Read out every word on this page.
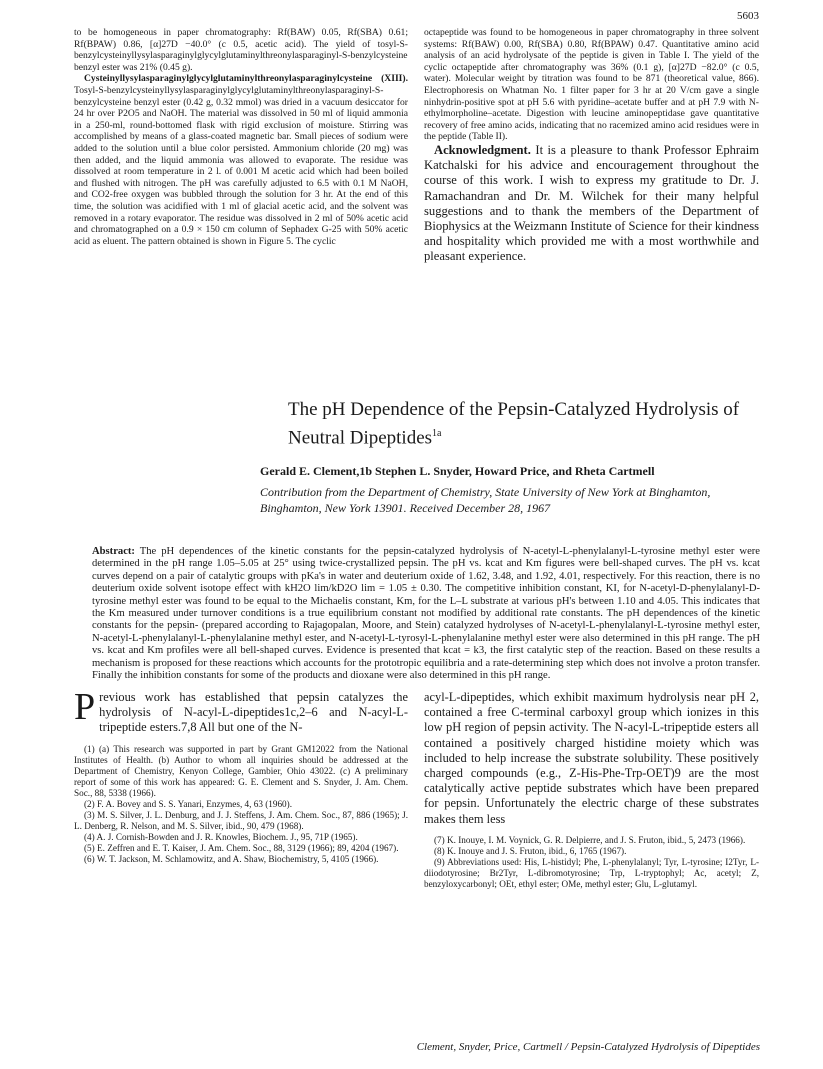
5603

to be homogeneous in paper chromatography: Rf(BAW) 0.05, Rf(SBA) 0.61; Rf(BPAW) 0.86, [α]27D −40.0° (c 0.5, acetic acid). The yield of tosyl-S-benzylcysteinyllysylasparaginylglycylglutaminylthreonylasparaginyl-S-benzylcysteine benzyl ester was 21% (0.45 g).

Cysteinyllysylasparaginylglycylglutaminylthreonylasparaginylcysteine (XIII). Tosyl-S-benzylcysteinyllysylasparaginylglycylglutaminylthreonylasparaginyl-S-benzylcysteine benzyl ester (0.42 g, 0.32 mmol) was dried in a vacuum desiccator for 24 hr over P2O5 and NaOH. The material was dissolved in 50 ml of liquid ammonia in a 250-ml, round-bottomed flask with rigid exclusion of moisture. Stirring was accomplished by means of a glass-coated magnetic bar. Small pieces of sodium were added to the solution until a blue color persisted. Ammonium chloride (20 mg) was then added, and the liquid ammonia was allowed to evaporate. The residue was dissolved at room temperature in 2 l. of 0.001 M acetic acid which had been boiled and flushed with nitrogen. The pH was carefully adjusted to 6.5 with 0.1 M NaOH, and CO2-free oxygen was bubbled through the solution for 3 hr. At the end of this time, the solution was acidified with 1 ml of glacial acetic acid, and the solvent was removed in a rotary evaporator. The residue was dissolved in 2 ml of 50% acetic acid and chromatographed on a 0.9 × 150 cm column of Sephadex G-25 with 50% acetic acid as eluent. The pattern obtained is shown in Figure 5. The cyclic

octapeptide was found to be homogeneous in paper chromatography in three solvent systems: Rf(BAW) 0.00, Rf(SBA) 0.80, Rf(BPAW) 0.47. Quantitative amino acid analysis of an acid hydrolysate of the peptide is given in Table I. The yield of the cyclic octapeptide after chromatography was 36% (0.1 g), [α]27D −82.0° (c 0.5, water). Molecular weight by titration was found to be 871 (theoretical value, 866). Electrophoresis on Whatman No. 1 filter paper for 3 hr at 20 V/cm gave a single ninhydrin-positive spot at pH 5.6 with pyridine–acetate buffer and at pH 7.9 with N-ethylmorpholine–acetate. Digestion with leucine aminopeptidase gave quantitative recovery of free amino acids, indicating that no racemized amino acid residues were in the peptide (Table II).

Acknowledgment. It is a pleasure to thank Professor Ephraim Katchalski for his advice and encouragement throughout the course of this work. I wish to express my gratitude to Dr. J. Ramachandran and Dr. M. Wilchek for their many helpful suggestions and to thank the members of the Department of Biophysics at the Weizmann Institute of Science for their kindness and hospitality which provided me with a most worthwhile and pleasant experience.

The pH Dependence of the Pepsin-Catalyzed Hydrolysis of Neutral Dipeptides$^{1a}$
Gerald E. Clement,1b Stephen L. Snyder, Howard Price, and Rheta Cartmell
Contribution from the Department of Chemistry, State University of New York at Binghamton, Binghamton, New York 13901. Received December 28, 1967
Abstract: The pH dependences of the kinetic constants for the pepsin-catalyzed hydrolysis of N-acetyl-L-phenylalanyl-L-tyrosine methyl ester were determined in the pH range 1.05–5.05 at 25° using twice-crystallized pepsin. The pH vs. kcat and Km figures were bell-shaped curves. The pH vs. kcat curves depend on a pair of catalytic groups with pKa's in water and deuterium oxide of 1.62, 3.48, and 1.92, 4.01, respectively. For this reaction, there is no deuterium oxide solvent isotope effect with kH2O lim/kD2O lim = 1.05 ± 0.30. The competitive inhibition constant, KI, for N-acetyl-D-phenylalanyl-D-tyrosine methyl ester was found to be equal to the Michaelis constant, Km, for the L–L substrate at various pH's between 1.10 and 4.05. This indicates that the Km measured under turnover conditions is a true equilibrium constant not modified by additional rate constants. The pH dependences of the kinetic constants for the pepsin- (prepared according to Rajagopalan, Moore, and Stein) catalyzed hydrolyses of N-acetyl-L-phenylalanyl-L-tyrosine methyl ester, N-acetyl-L-phenylalanyl-L-phenylalanine methyl ester, and N-acetyl-L-tyrosyl-L-phenylalanine methyl ester were also determined in this pH range. The pH vs. kcat and Km profiles were all bell-shaped curves. Evidence is presented that kcat = k3, the first catalytic step of the reaction. Based on these results a mechanism is proposed for these reactions which accounts for the prototropic equilibria and a rate-determining step which does not involve a proton transfer. Finally the inhibition constants for some of the products and dioxane were also determined in this pH range.

P revious work has established that pepsin catalyzes the hydrolysis of N-acyl-L-dipeptides1c,2–6 and N-acyl-L-tripeptide esters.7,8 All but one of the N-

(1) (a) This research was supported in part by Grant GM12022 from the National Institutes of Health. (b) Author to whom all inquiries should be addressed at the Department of Chemistry, Kenyon College, Gambier, Ohio 43022. (c) A preliminary report of some of this work has appeared: G. E. Clement and S. Snyder, J. Am. Chem. Soc., 88, 5338 (1966).
(2) F. A. Bovey and S. S. Yanari, Enzymes, 4, 63 (1960).
(3) M. S. Silver, J. L. Denburg, and J. J. Steffens, J. Am. Chem. Soc., 87, 886 (1965); J. L. Denberg, R. Nelson, and M. S. Silver, ibid., 90, 479 (1968).
(4) A. J. Cornish-Bowden and J. R. Knowles, Biochem. J., 95, 71P (1965).
(5) E. Zeffren and E. T. Kaiser, J. Am. Chem. Soc., 88, 3129 (1966); 89, 4204 (1967).
(6) W. T. Jackson, M. Schlamowitz, and A. Shaw, Biochemistry, 5, 4105 (1966).

acyl-L-dipeptides, which exhibit maximum hydrolysis near pH 2, contained a free C-terminal carboxyl group which ionizes in this low pH region of pepsin activity. The N-acyl-L-tripeptide esters all contained a positively charged histidine moiety which was included to help increase the substrate solubility. These positively charged compounds (e.g., Z-His-Phe-Trp-OET)9 are the most catalytically active peptide substrates which have been prepared for pepsin. Unfortunately the electric charge of these substrates makes them less

(7) K. Inouye, I. M. Voynick, G. R. Delpierre, and J. S. Fruton, ibid., 5, 2473 (1966).
(8) K. Inouye and J. S. Fruton, ibid., 6, 1765 (1967).
(9) Abbreviations used: His, L-histidyl; Phe, L-phenylalanyl; Tyr, L-tyrosine; I2Tyr, L-diiodotyrosine; Br2Tyr, L-dibromotyrosine; Trp, L-tryptophyl; Ac, acetyl; Z, benzyloxycarbonyl; OEt, ethyl ester; OMe, methyl ester; Glu, L-glutamyl.
Clement, Snyder, Price, Cartmell / Pepsin-Catalyzed Hydrolysis of Dipeptides
